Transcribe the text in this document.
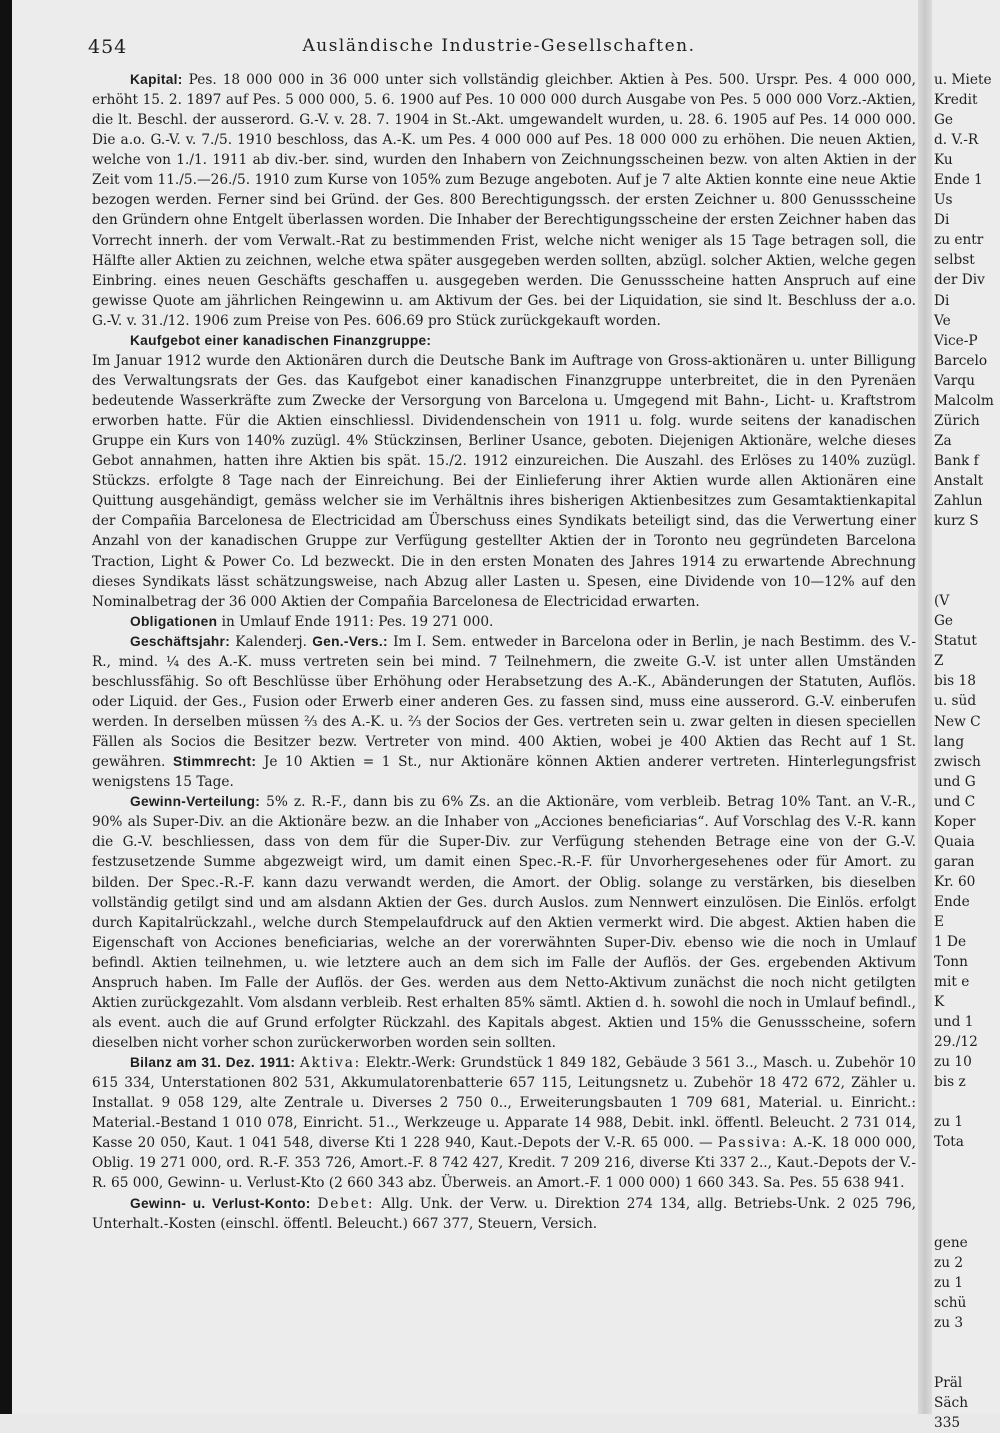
454	Ausländische Industrie-Gesellschaften.

Kapital: Pes. 18 000 000 in 36 000 unter sich vollständig gleichber. Aktien à Pes. 500. Urspr. Pes. 4 000 000, erhöht 15. 2. 1897 auf Pes. 5 000 000, 5. 6. 1900 auf Pes. 10 000 000 durch Ausgabe von Pes. 5 000 000 Vorz.-Aktien, die lt. Beschl. der ausserord. G.-V. v. 28. 7. 1904 in St.-Akt. umgewandelt wurden, u. 28. 6. 1905 auf Pes. 14 000 000. Die a.o. G.-V. v. 7./5. 1910 beschloss, das A.-K. um Pes. 4 000 000 auf Pes. 18 000 000 zu erhöhen. Die neuen Aktien, welche von 1./1. 1911 ab div.-ber. sind, wurden den Inhabern von Zeichnungsscheinen bezw. von alten Aktien in der Zeit vom 11./5.—26./5. 1910 zum Kurse von 105% zum Bezuge angeboten. Auf je 7 alte Aktien konnte eine neue Aktie bezogen werden. Ferner sind bei Gründ. der Ges. 800 Berechtigungssch. der ersten Zeichner u. 800 Genussscheine den Gründern ohne Entgelt überlassen worden. Die Inhaber der Berechtigungsscheine der ersten Zeichner haben das Vorrecht innerh. der vom Verwalt.-Rat zu bestimmenden Frist, welche nicht weniger als 15 Tage betragen soll, die Hälfte aller Aktien zu zeichnen, welche etwa später ausgegeben werden sollten, abzügl. solcher Aktien, welche gegen Einbring. eines neuen Geschäfts geschaffen u. ausgegeben werden. Die Genussscheine hatten Anspruch auf eine gewisse Quote am jährlichen Reingewinn u. am Aktivum der Ges. bei der Liquidation, sie sind lt. Beschluss der a.o. G.-V. v. 31./12. 1906 zum Preise von Pes. 606.69 pro Stück zurückgekauft worden.

Kaufgebot einer kanadischen Finanzgruppe:
Im Januar 1912 wurde den Aktionären durch die Deutsche Bank im Auftrage von Gross-aktionären u. unter Billigung des Verwaltungsrats der Ges. das Kaufgebot einer kanadischen Finanzgruppe unterbreitet, die in den Pyrenäen bedeutende Wasserkräfte zum Zwecke der Versorgung von Barcelona u. Umgegend mit Bahn-, Licht- u. Kraftstrom erworben hatte. Für die Aktien einschliessl. Dividendenschein von 1911 u. folg. wurde seitens der kanadischen Gruppe ein Kurs von 140% zuzügl. 4% Stückzinsen, Berliner Usance, geboten. Diejenigen Aktionäre, welche dieses Gebot annahmen, hatten ihre Aktien bis spät. 15./2. 1912 einzureichen. Die Auszahl. des Erlöses zu 140% zuzügl. Stückzs. erfolgte 8 Tage nach der Einreichung. Bei der Einlieferung ihrer Aktien wurde allen Aktionären eine Quittung ausgehändigt, gemäss welcher sie im Verhältnis ihres bisherigen Aktienbesitzes zum Gesamtaktienkapital der Compañia Barcelonesa de Electricidad am Überschuss eines Syndikats beteiligt sind, das die Verwertung einer Anzahl von der kanadischen Gruppe zur Verfügung gestellter Aktien der in Toronto neu gegründeten Barcelona Traction, Light & Power Co. Ld bezweckt. Die in den ersten Monaten des Jahres 1914 zu erwartende Abrechnung dieses Syndikats lässt schätzungsweise, nach Abzug aller Lasten u. Spesen, eine Dividende von 10—12% auf den Nominalbetrag der 36 000 Aktien der Compañia Barcelonesa de Electricidad erwarten.

Obligationen in Umlauf Ende 1911: Pes. 19 271 000.

Geschäftsjahr: Kalenderj. Gen.-Vers.: Im I. Sem. entweder in Barcelona oder in Berlin, je nach Bestimm. des V.-R., mind. ¼ des A.-K. muss vertreten sein bei mind. 7 Teilnehmern, die zweite G.-V. ist unter allen Umständen beschlussfähig. So oft Beschlüsse über Erhöhung oder Herabsetzung des A.-K., Abänderungen der Statuten, Auflös. oder Liquid. der Ges., Fusion oder Erwerb einer anderen Ges. zu fassen sind, muss eine ausserord. G.-V. einberufen werden. In derselben müssen ⅔ des A.-K. u. ⅔ der Socios der Ges. vertreten sein u. zwar gelten in diesen speciellen Fällen als Socios die Besitzer bezw. Vertreter von mind. 400 Aktien, wobei je 400 Aktien das Recht auf 1 St. gewähren. Stimmrecht: Je 10 Aktien = 1 St., nur Aktionäre können Aktien anderer vertreten. Hinterlegungsfrist wenigstens 15 Tage.

Gewinn-Verteilung: 5% z. R.-F., dann bis zu 6% Zs. an die Aktionäre, vom verbleib. Betrag 10% Tant. an V.-R., 90% als Super-Div. an die Aktionäre bezw. an die Inhaber von „Acciones beneficiarias“. Auf Vorschlag des V.-R. kann die G.-V. beschliessen, dass von dem für die Super-Div. zur Verfügung stehenden Betrage eine von der G.-V. festzusetzende Summe abgezweigt wird, um damit einen Spec.-R.-F. für Unvorhergesehenes oder für Amort. zu bilden. Der Spec.-R.-F. kann dazu verwandt werden, die Amort. der Oblig. solange zu verstärken, bis dieselben vollständig getilgt sind und am alsdann Aktien der Ges. durch Auslos. zum Nennwert einzulösen. Die Einlös. erfolgt durch Kapitalrückzahl., welche durch Stempelaufdruck auf den Aktien vermerkt wird. Die abgest. Aktien haben die Eigenschaft von Acciones beneficiarias, welche an der vorerwähnten Super-Div. ebenso wie die noch in Umlauf befindl. Aktien teilnehmen, u. wie letztere auch an dem sich im Falle der Auflös. der Ges. ergebenden Aktivum Anspruch haben. Im Falle der Auflös. der Ges. werden aus dem Netto-Aktivum zunächst die noch nicht getilgten Aktien zurückgezahlt. Vom alsdann verbleib. Rest erhalten 85% sämtl. Aktien d. h. sowohl die noch in Umlauf befindl., als event. auch die auf Grund erfolgter Rückzahl. des Kapitals abgest. Aktien und 15% die Genussscheine, sofern dieselben nicht vorher schon zurückerworben worden sein sollten.

Bilanz am 31. Dez. 1911: Aktiva: Elektr.-Werk: Grundstück 1 849 182, Gebäude 3 561 3.., Masch. u. Zubehör 10 615 334, Unterstationen 802 531, Akkumulatorenbatterie 657 115, Leitungsnetz u. Zubehör 18 472 672, Zähler u. Installat. 9 058 129, alte Zentrale u. Diverses 2 750 0.., Erweiterungsbauten 1 709 681, Material. u. Einricht.: Material.-Bestand 1 010 078, Einricht. 51.., Werkzeuge u. Apparate 14 988, Debit. inkl. öffentl. Beleucht. 2 731 014, Kasse 20 050, Kaut. 1 041 548, diverse Kti 1 228 940, Kaut.-Depots der V.-R. 65 000. — Passiva: A.-K. 18 000 000, Oblig. 19 271 000, ord. R.-F. 353 726, Amort.-F. 8 742 427, Kredit. 7 209 216, diverse Kti 337 2.., Kaut.-Depots der V.-R. 65 000, Gewinn- u. Verlust-Kto (2 660 343 abz. Überweis. an Amort.-F. 1 000 000) 1 660 343. Sa. Pes. 55 638 941.

Gewinn- u. Verlust-Konto: Debet: Allg. Unk. der Verw. u. Direktion 274 134, allg. Betriebs-Unk. 2 025 796, Unterhalt.-Kosten (einschl. öffentl. Beleucht.) 667 377, Steuern, Versich.

u. Miete
Kredit
Ge
d. V.-R
Ku
Ende 1
Us
Di
zu entr
selbst
der Div
Di
Ve
Vice-P
Barcelo
Varqu
Malcolm
Zürich
Za
Bank f
Anstalt
Zahlun
kurz S
(V
Ge
Statut
Z
bis 18
u. süd
New C
lang
zwisch
und G
und C
Koper
Quaia
garan
Kr. 60
Ende
E
1 De
Tonn
mit e
K
und 1
29./12
zu 10
bis z
zu 1
Tota
gene
zu 2
zu 1
schü
zu 3
Präl
Säch
335
